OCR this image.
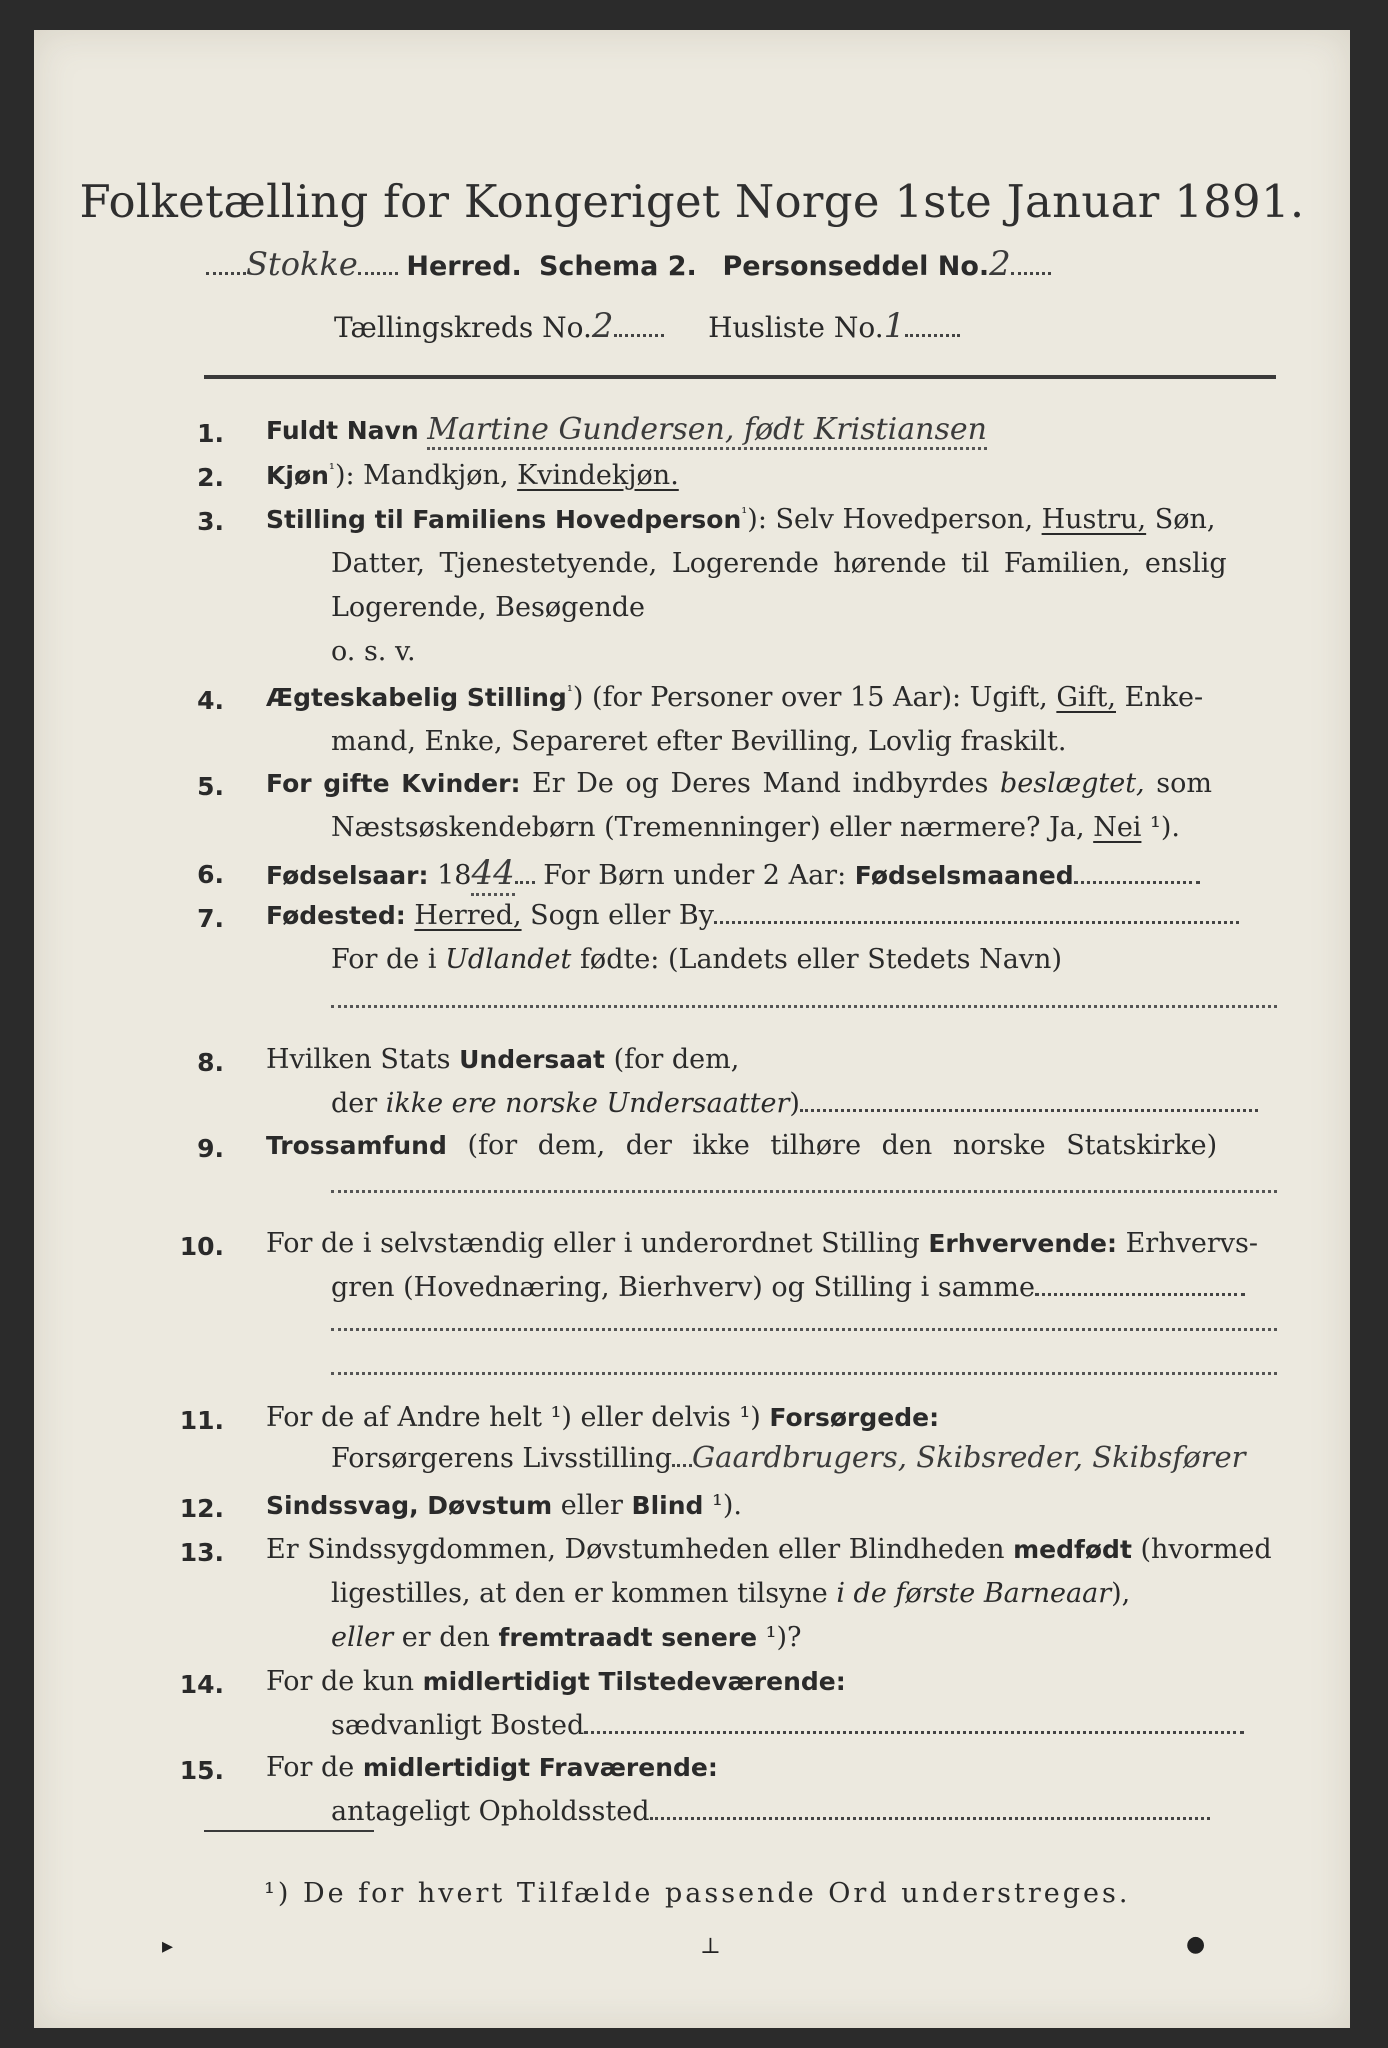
Folketælling for Kongeriget Norge 1ste Januar 1891.
Stokke Herred. Schema 2. Personseddel No.2
Tællingskreds No.2	Husliste No.1
1. Fuldt Navn Martine Gundersen, født Kristiansen
2. Kjøn$^{^1}$): Mandkjøn, Kvindekjøn.
3. Stilling til Familiens Hovedperson$^{^1}$): Selv Hovedperson, Hustru, Søn,
Datter, Tjenestetyende, Logerende hørende til Familien, enslig
Logerende, Besøgende
o. s. v.
4. Ægteskabelig Stilling$^{^1}$) (for Personer over 15 Aar): Ugift, Gift, Enke-
mand, Enke, Separeret efter Bevilling, Lovlig fraskilt.
5. For gifte Kvinder: Er De og Deres Mand indbyrdes beslægtet, som
Næstsøskendebørn (Tremenninger) eller nærmere? Ja, Nei ¹).
6. Fødselsaar: 1844 For Børn under 2 Aar: Fødselsmaaned
7. Fødested: Herred, Sogn eller By
For de i Udlandet fødte: (Landets eller Stedets Navn)
8. Hvilken Stats Undersaat (for dem,
der ikke ere norske Undersaatter)
9. Trossamfund (for dem, der ikke tilhøre den norske Statskirke)
10. For de i selvstændig eller i underordnet Stilling Erhvervende: Erhvervs-
gren (Hovednæring, Bierhverv) og Stilling i samme
11. For de af Andre helt ¹) eller delvis ¹) Forsørgede:
Forsørgerens Livsstilling Gaardbrugers, Skibsreder, Skibsfører
12. Sindssvag, Døvstum eller Blind ¹).
13. Er Sindssygdommen, Døvstumheden eller Blindheden medfødt (hvormed
ligestilles, at den er kommen tilsyne i de første Barneaar),
eller er den fremtraadt senere ¹)?
14. For de kun midlertidigt Tilstedeværende:
sædvanligt Bosted
15. For de midlertidigt Fraværende:
antageligt Opholdssted
¹) De for hvert Tilfælde passende Ord understreges.
▸	⊥	●
